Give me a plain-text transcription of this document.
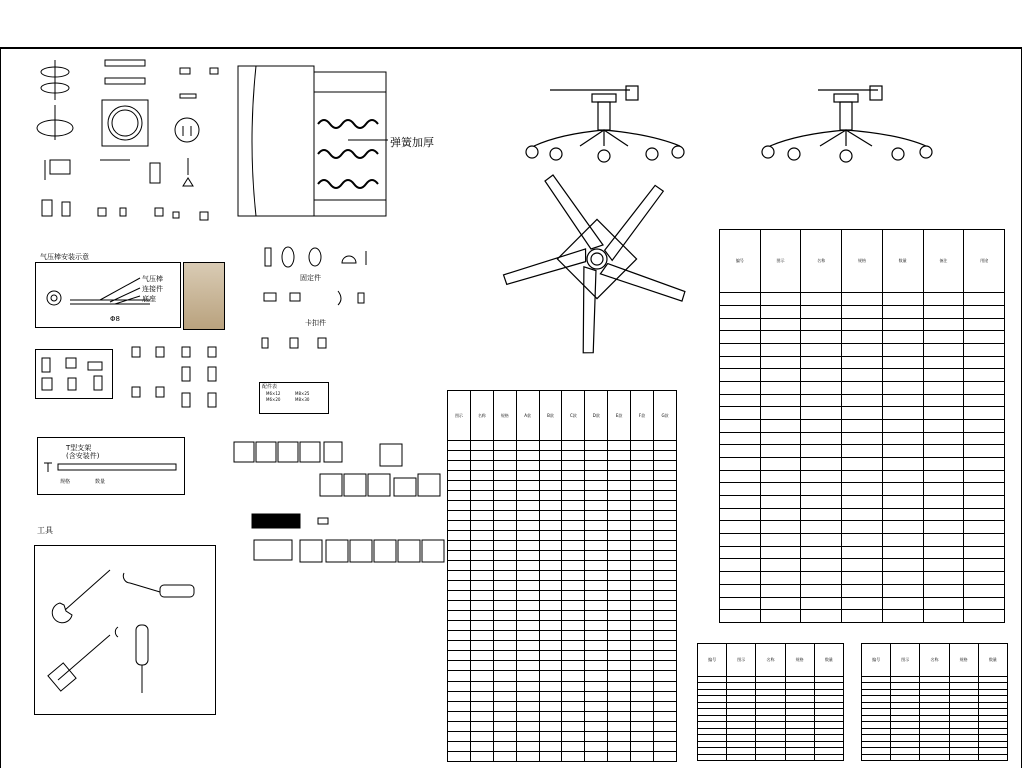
弹簧加厚
气压棒安装示意
气压棒
连接件
底座
Φ8
固定件
卡扣件
配件表
M6×12
M6×20
M8×25
M8×30
T型支架
(含安装件)
规格	数量
工具
图示	名称	规格	A款	B款	C款	D款	E款	F款	G款

编号	图示	名称	规格	数量	备注	用途

编号	图示	名称	规格	数量

					编号	图示	名称	规格	数量
